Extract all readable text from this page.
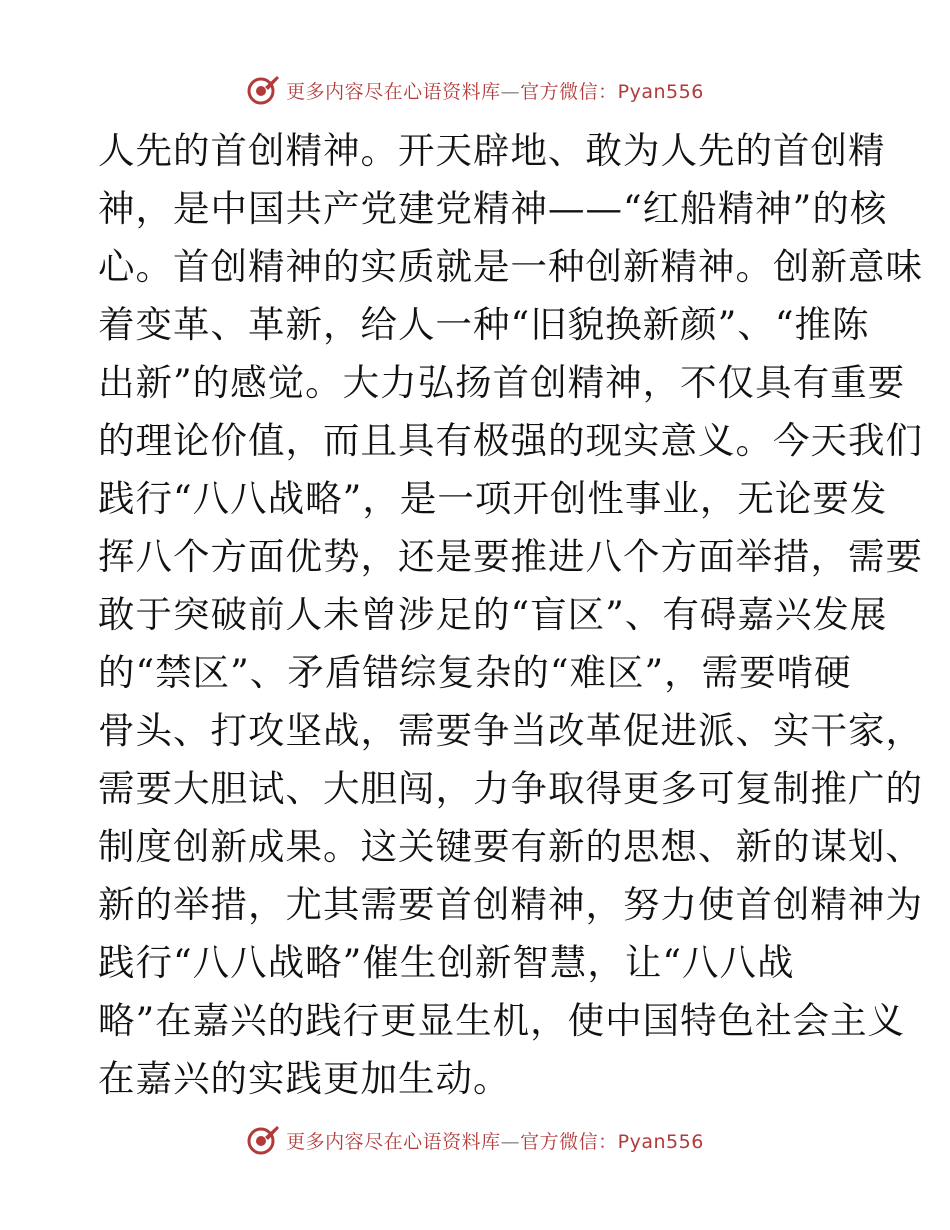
更多内容尽在心语资料库—官方微信：Pyan556
人先的首创精神。开天辟地、敢为人先的首创精
神，是中国共产党建党精神——“红船精神”的核
心。首创精神的实质就是一种创新精神。创新意味
着变革、革新，给人一种“旧貌换新颜”、“推陈
出新”的感觉。大力弘扬首创精神，不仅具有重要
的理论价值，而且具有极强的现实意义。今天我们
践行“八八战略”，是一项开创性事业，无论要发
挥八个方面优势，还是要推进八个方面举措，需要
敢于突破前人未曾涉足的“盲区”、有碍嘉兴发展
的“禁区”、矛盾错综复杂的“难区”，需要啃硬
骨头、打攻坚战，需要争当改革促进派、实干家，
需要大胆试、大胆闯，力争取得更多可复制推广的
制度创新成果。这关键要有新的思想、新的谋划、
新的举措，尤其需要首创精神，努力使首创精神为
践行“八八战略”催生创新智慧，让“八八战
略”在嘉兴的践行更显生机，使中国特色社会主义
在嘉兴的实践更加生动。
更多内容尽在心语资料库—官方微信：Pyan556
